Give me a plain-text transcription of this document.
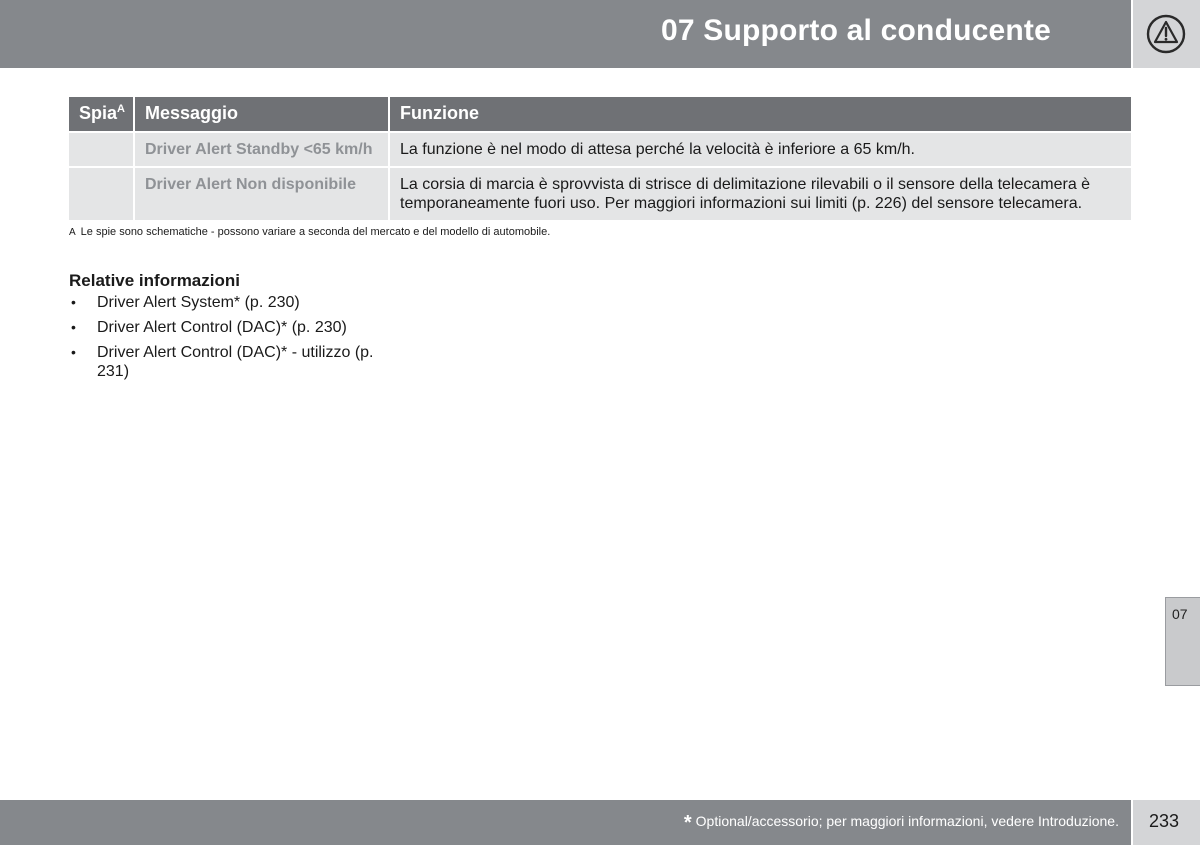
07 Supporto al conducente
Spia$^A$	Messaggio	Funzione
	Driver Alert Standby <65 km/h	La funzione è nel modo di attesa perché la velocità è inferiore a 65 km/h.
	Driver Alert Non disponibile	La corsia di marcia è sprovvista di strisce di delimitazione rilevabili o il sensore della telecamera è temporaneamente fuori uso. Per maggiori informazioni sui limiti (p. 226) del sensore telecamera.
A Le spie sono schematiche - possono variare a seconda del mercato e del modello di automobile.
Relative informazioni
• Driver Alert System* (p. 230)
• Driver Alert Control (DAC)* (p. 230)
• Driver Alert Control (DAC)* - utilizzo (p. 231)
07
* Optional/accessorio; per maggiori informazioni, vedere Introduzione. 233
